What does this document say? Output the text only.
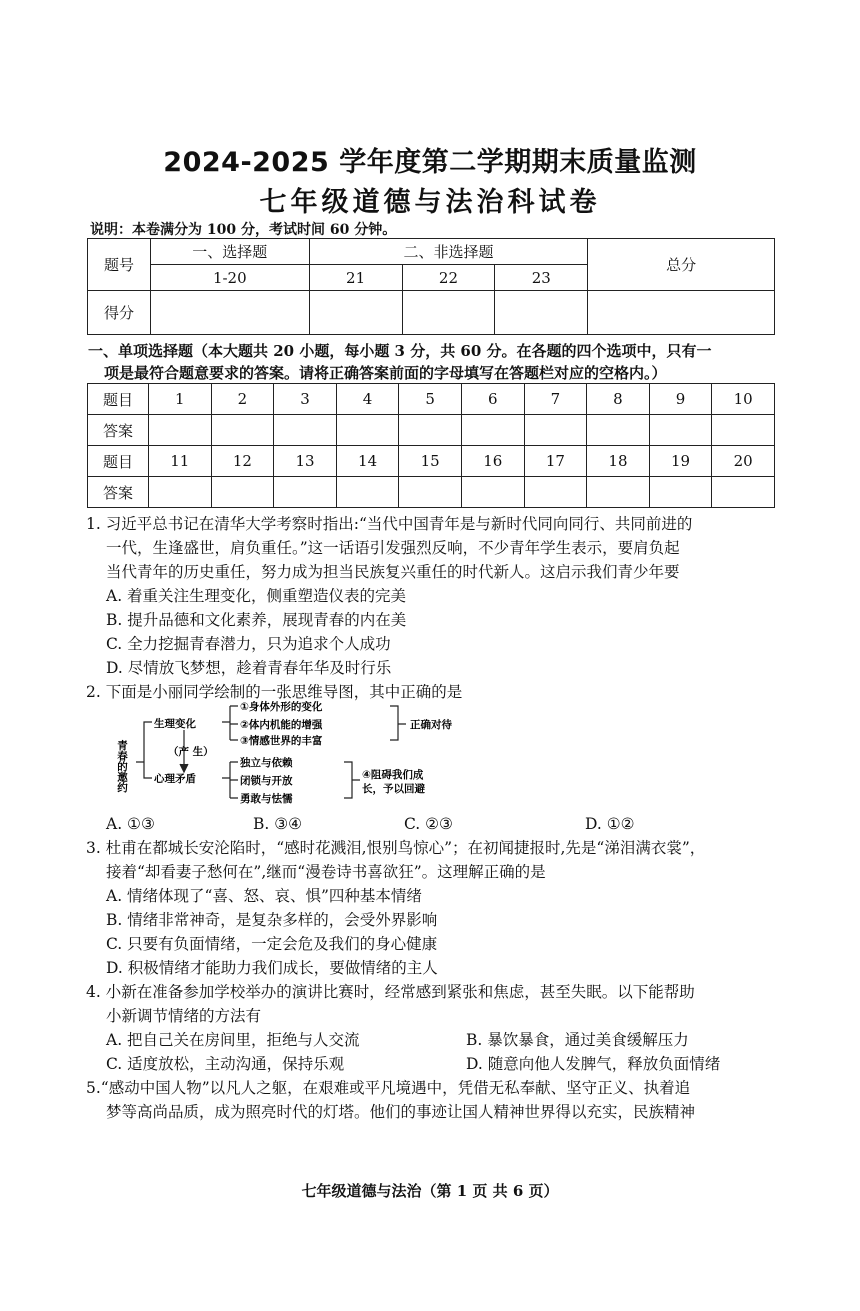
2024-2025 学年度第二学期期末质量监测
七年级道德与法治科试卷
说明：本卷满分为 100 分，考试时间 60 分钟。
题号	一、选择题	二、非选择题			总分
	1-20	21	22	23	
得分					
一、单项选择题（本大题共 20 小题，每小题 3 分，共 60 分。在各题的四个选项中，只有一
项是最符合题意要求的答案。请将正确答案前面的字母填写在答题栏对应的空格内。）
题目	1	2	3	4	5	6	7	8	9	10
答案										
题目	11	12	13	14	15	16	17	18	19	20
答案										
1. 习近平总书记在清华大学考察时指出:“当代中国青年是与新时代同向同行、共同前进的
一代，生逢盛世，肩负重任。”这一话语引发强烈反响，不少青年学生表示，要肩负起
当代青年的历史重任，努力成为担当民族复兴重任的时代新人。这启示我们青少年要
A. 着重关注生理变化，侧重塑造仪表的完美
B. 提升品德和文化素养，展现青春的内在美
C. 全力挖掘青春潜力，只为追求个人成功
D. 尽情放飞梦想，趁着青春年华及时行乐
2. 下面是小丽同学绘制的一张思维导图，其中正确的是
青春的邀约
生理变化
心理矛盾
（产 生）
①身体外形的变化
②体内机能的增强
③情感世界的丰富
正确对待
独立与依赖
闭锁与开放
勇敢与怯懦
④阻碍我们成
长，予以回避
A. ①③	B. ③④	C. ②③	D. ①②
3. 杜甫在都城长安沦陷时，“感时花溅泪,恨别鸟惊心”；在初闻捷报时,先是“涕泪满衣裳”，
接着“却看妻子愁何在”,继而“漫卷诗书喜欲狂”。这理解正确的是
A. 情绪体现了“喜、怒、哀、惧”四种基本情绪
B. 情绪非常神奇，是复杂多样的，会受外界影响
C. 只要有负面情绪，一定会危及我们的身心健康
D. 积极情绪才能助力我们成长，要做情绪的主人
4. 小新在准备参加学校举办的演讲比赛时，经常感到紧张和焦虑，甚至失眠。以下能帮助
小新调节情绪的方法有
A. 把自己关在房间里，拒绝与人交流	B. 暴饮暴食，通过美食缓解压力
C. 适度放松，主动沟通，保持乐观	D. 随意向他人发脾气，释放负面情绪
5.“感动中国人物”以凡人之躯，在艰难或平凡境遇中，凭借无私奉献、坚守正义、执着追
梦等高尚品质，成为照亮时代的灯塔。他们的事迹让国人精神世界得以充实，民族精神
七年级道德与法治（第 1 页 共 6 页）
